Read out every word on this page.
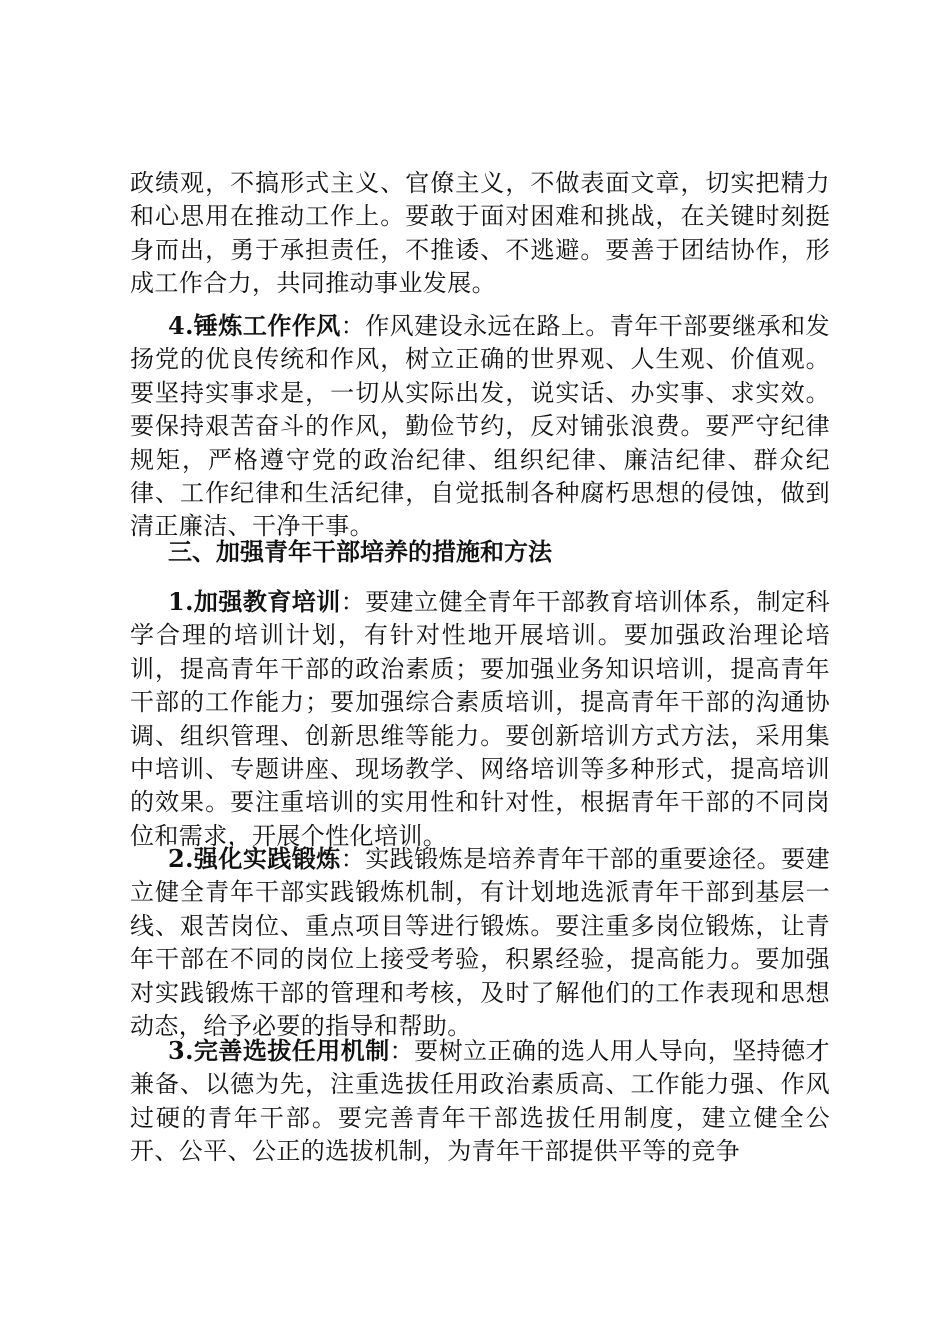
政绩观，不搞形式主义、官僚主义，不做表面文章，切实把精力和心思用在推动工作上。要敢于面对困难和挑战，在关键时刻挺身而出，勇于承担责任，不推诿、不逃避。要善于团结协作，形成工作合力，共同推动事业发展。

4.锤炼工作作风：作风建设永远在路上。青年干部要继承和发扬党的优良传统和作风，树立正确的世界观、人生观、价值观。要坚持实事求是，一切从实际出发，说实话、办实事、求实效。要保持艰苦奋斗的作风，勤俭节约，反对铺张浪费。要严守纪律规矩，严格遵守党的政治纪律、组织纪律、廉洁纪律、群众纪律、工作纪律和生活纪律，自觉抵制各种腐朽思想的侵蚀，做到清正廉洁、干净干事。

三、加强青年干部培养的措施和方法

1.加强教育培训：要建立健全青年干部教育培训体系，制定科学合理的培训计划，有针对性地开展培训。要加强政治理论培训，提高青年干部的政治素质；要加强业务知识培训，提高青年干部的工作能力；要加强综合素质培训，提高青年干部的沟通协调、组织管理、创新思维等能力。要创新培训方式方法，采用集中培训、专题讲座、现场教学、网络培训等多种形式，提高培训的效果。要注重培训的实用性和针对性，根据青年干部的不同岗位和需求，开展个性化培训。

2.强化实践锻炼：实践锻炼是培养青年干部的重要途径。要建立健全青年干部实践锻炼机制，有计划地选派青年干部到基层一线、艰苦岗位、重点项目等进行锻炼。要注重多岗位锻炼，让青年干部在不同的岗位上接受考验，积累经验，提高能力。要加强对实践锻炼干部的管理和考核，及时了解他们的工作表现和思想动态，给予必要的指导和帮助。

3.完善选拔任用机制：要树立正确的选人用人导向，坚持德才兼备、以德为先，注重选拔任用政治素质高、工作能力强、作风过硬的青年干部。要完善青年干部选拔任用制度，建立健全公开、公平、公正的选拔机制，为青年干部提供平等的竞争
